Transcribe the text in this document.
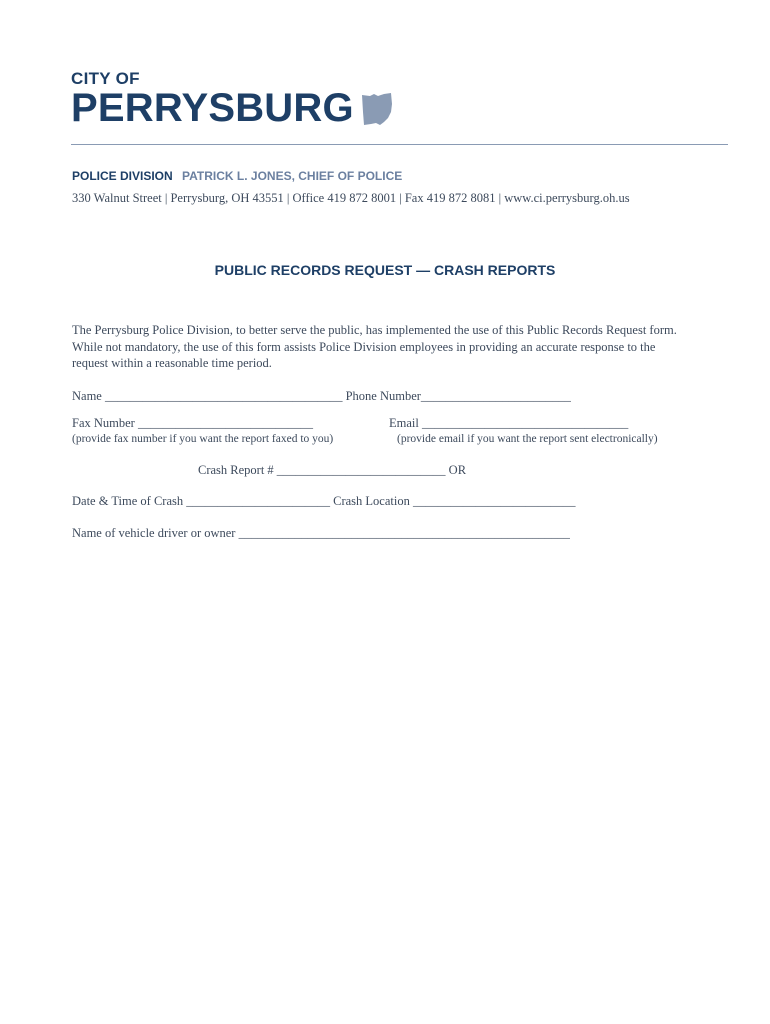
CITY OF
PERRYSBURG
POLICE DIVISION PATRICK L. JONES, CHIEF OF POLICE
330 Walnut Street | Perrysburg, OH 43551 | Office 419 872 8001 | Fax 419 872 8081 | www.ci.perrysburg.oh.us
PUBLIC RECORDS REQUEST — CRASH REPORTS
The Perrysburg Police Division, to better serve the public, has implemented the use of this Public Records Request form. While not mandatory, the use of this form assists Police Division employees in providing an accurate response to the request within a reasonable time period.
Name ______________________________________ Phone Number________________________
Fax Number ____________________________	Email _________________________________
(provide fax number if you want the report faxed to you)	(provide email if you want the report sent electronically)
Crash Report # ___________________________ OR
Date & Time of Crash _______________________ Crash Location __________________________
Name of vehicle driver or owner _____________________________________________________
